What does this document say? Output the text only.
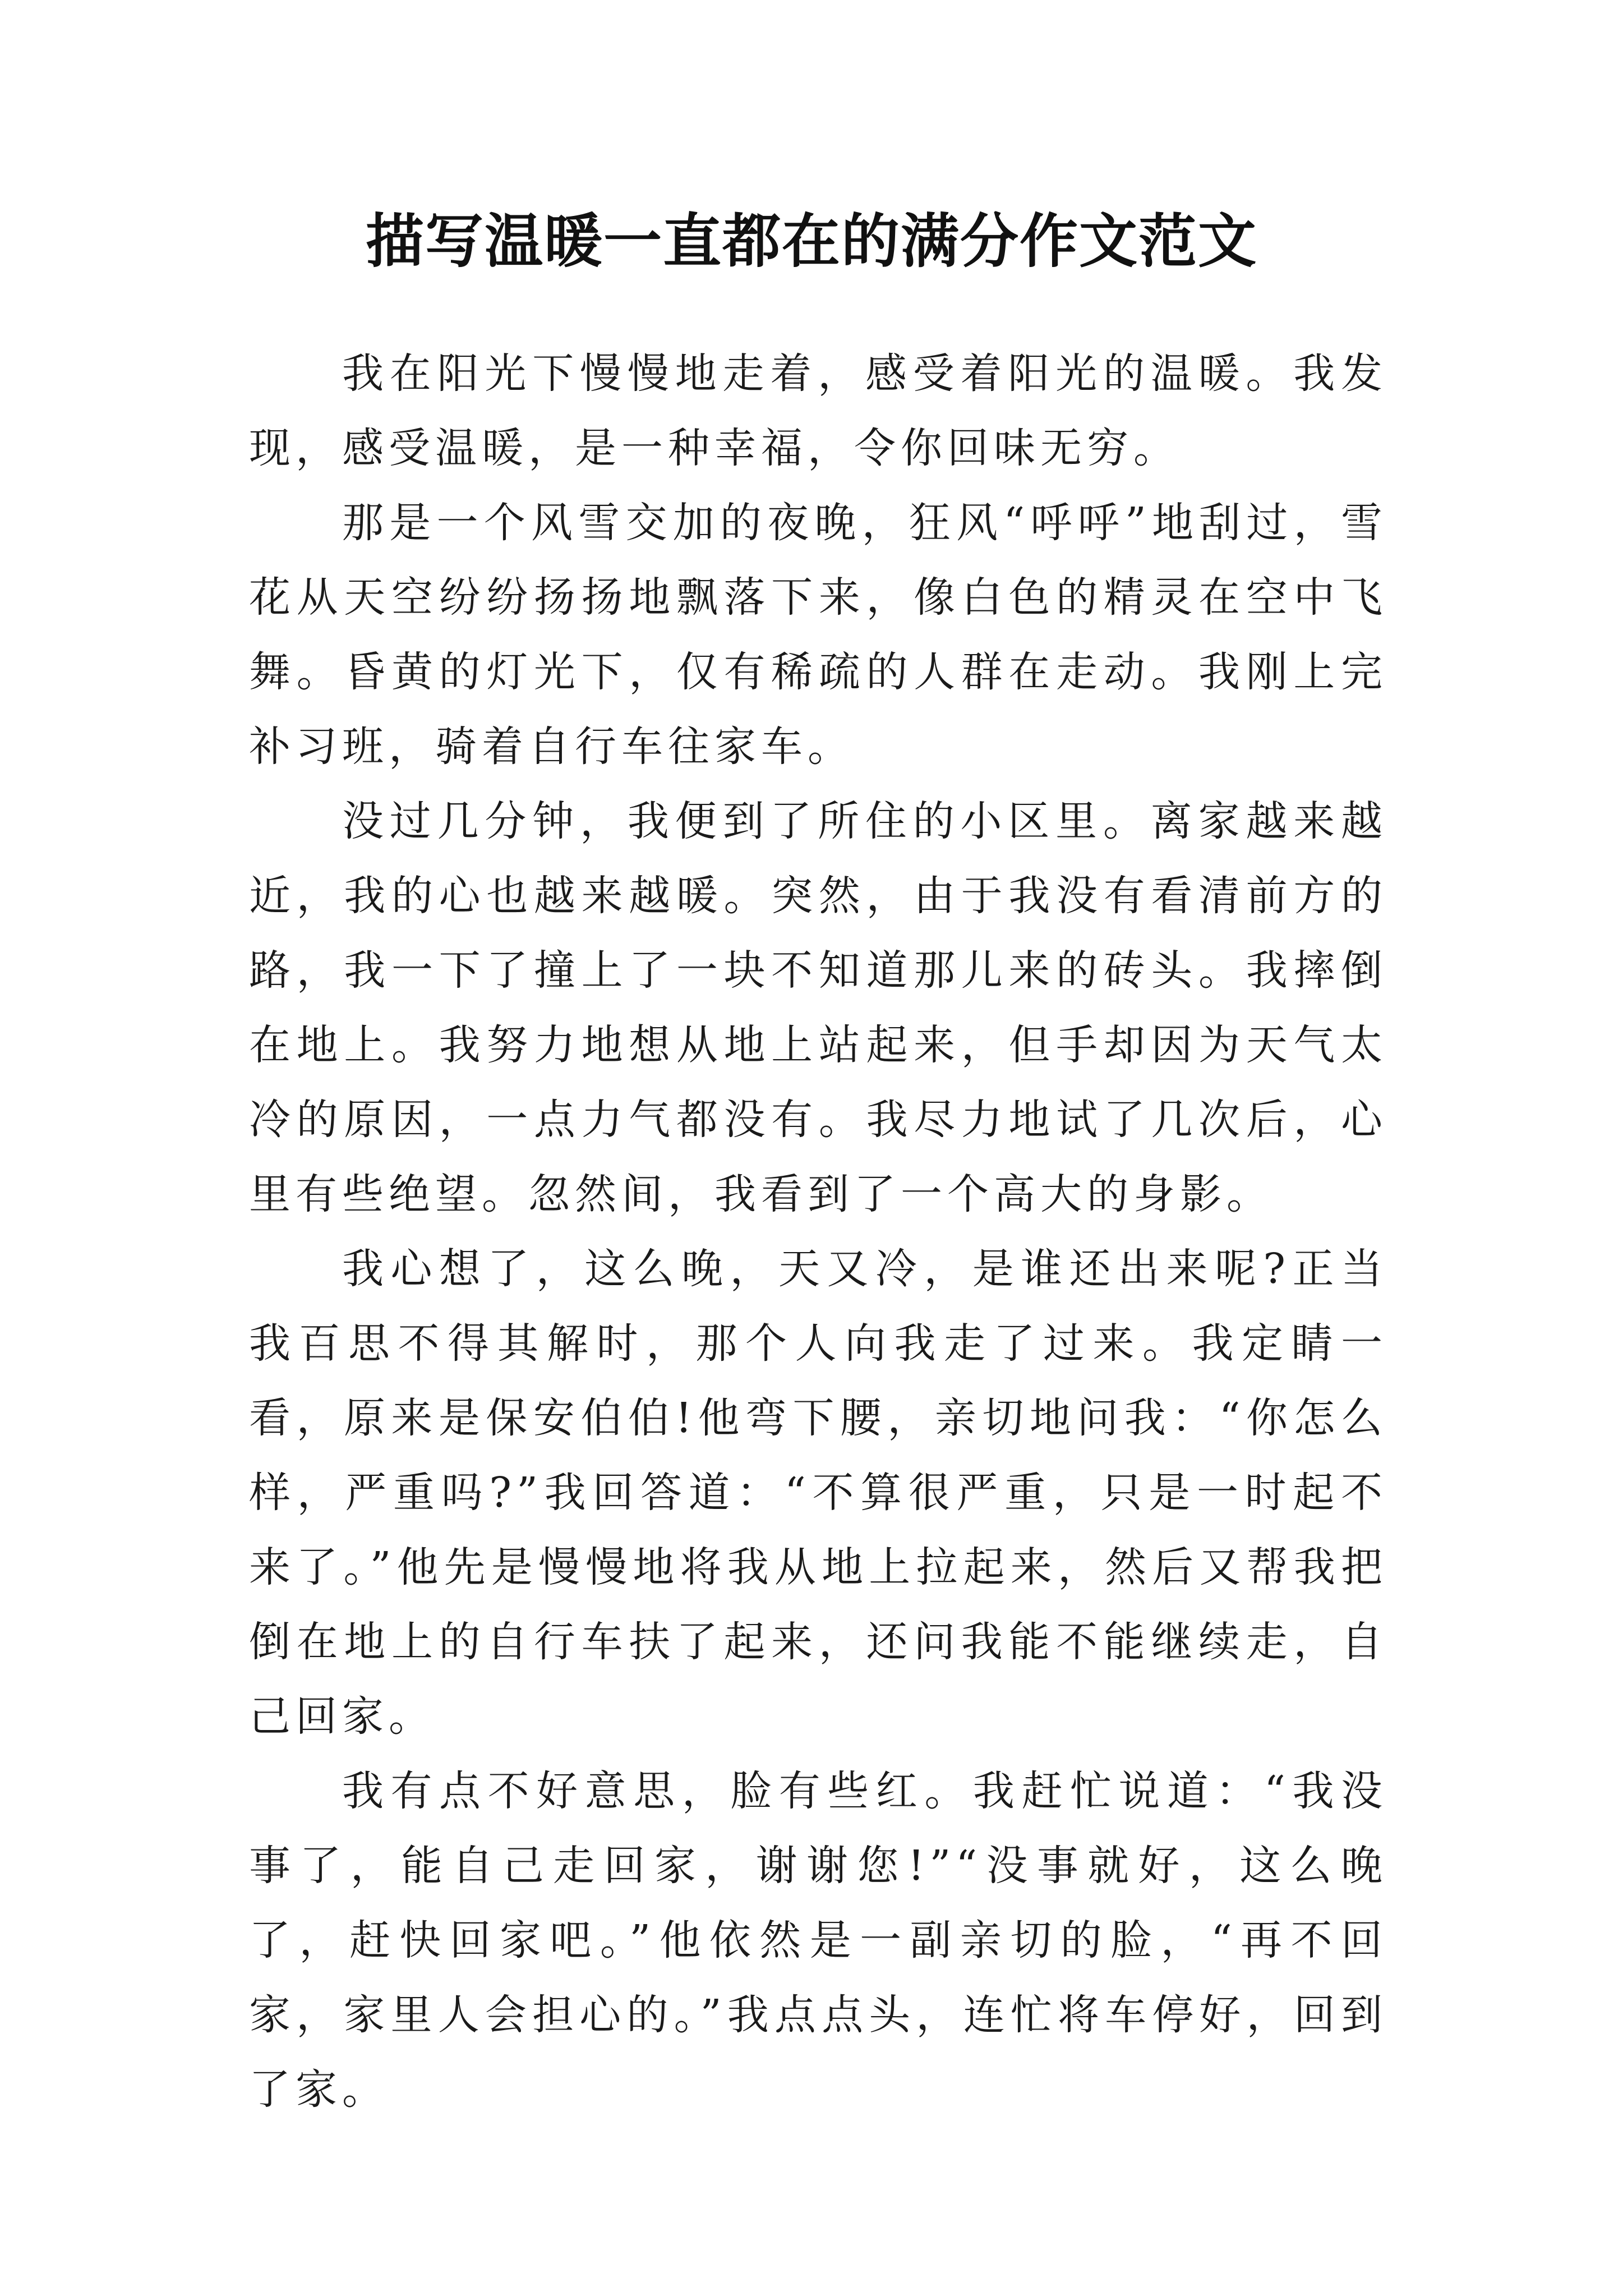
描写温暖一直都在的满分作文范文

我在阳光下慢慢地走着，感受着阳光的温暖。我发现，感受温暖，是一种幸福，令你回味无穷。

那是一个风雪交加的夜晚，狂风“呼呼”地刮过，雪花从天空纷纷扬扬地飘落下来，像白色的精灵在空中飞舞。昏黄的灯光下，仅有稀疏的人群在走动。我刚上完补习班，骑着自行车往家车。

没过几分钟，我便到了所住的小区里。离家越来越近，我的心也越来越暖。突然，由于我没有看清前方的路，我一下了撞上了一块不知道那儿来的砖头。我摔倒在地上。我努力地想从地上站起来，但手却因为天气太冷的原因，一点力气都没有。我尽力地试了几次后，心里有些绝望。忽然间，我看到了一个高大的身影。

我心想了，这么晚，天又冷，是谁还出来呢?正当我百思不得其解时，那个人向我走了过来。我定睛一看，原来是保安伯伯!他弯下腰，亲切地问我：“你怎么样，严重吗?”我回答道：“不算很严重，只是一时起不来了。”他先是慢慢地将我从地上拉起来，然后又帮我把倒在地上的自行车扶了起来，还问我能不能继续走，自己回家。

我有点不好意思，脸有些红。我赶忙说道：“我没事了，能自己走回家，谢谢您!”“没事就好，这么晚了，赶快回家吧。”他依然是一副亲切的脸，“再不回家，家里人会担心的。”我点点头，连忙将车停好，回到了家。
